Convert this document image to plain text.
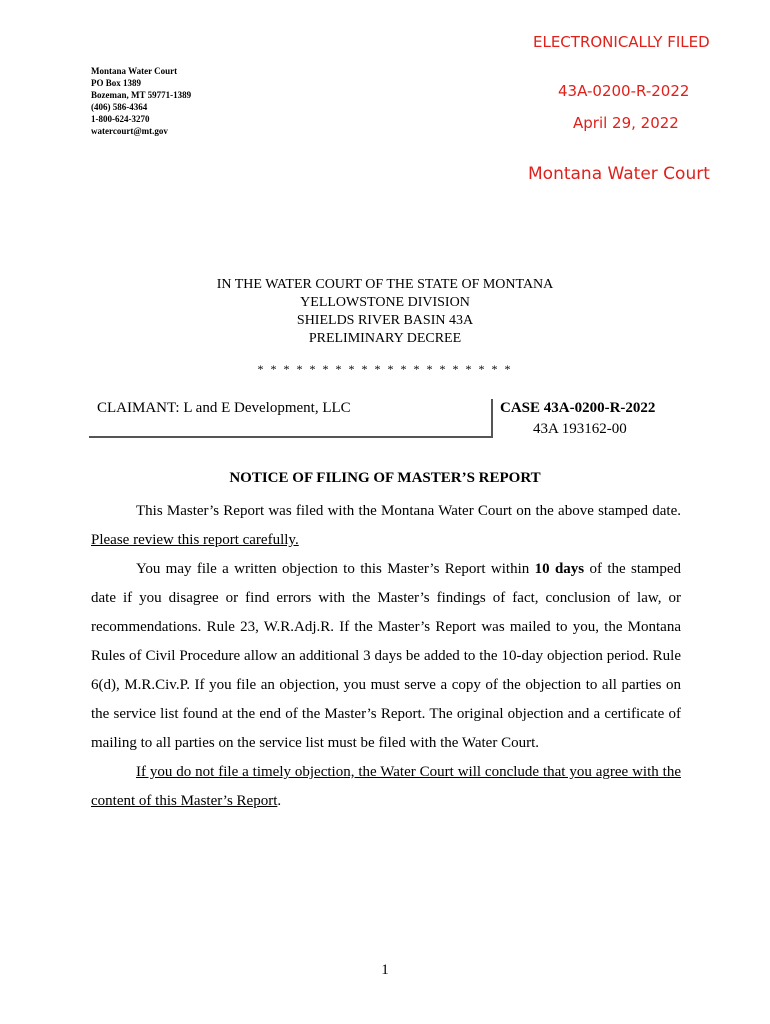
Montana Water Court
PO Box 1389
Bozeman, MT 59771-1389
(406) 586-4364
1-800-624-3270
watercourt@mt.gov
ELECTRONICALLY FILED
43A-0200-R-2022
April 29, 2022
Montana Water Court
IN THE WATER COURT OF THE STATE OF MONTANA
YELLOWSTONE DIVISION
SHIELDS RIVER BASIN 43A
PRELIMINARY DECREE
* * * * * * * * * * * * * * * * * * * *
CLAIMANT: L and E Development, LLC	CASE 43A-0200-R-2022
43A 193162-00
NOTICE OF FILING OF MASTER’S REPORT

This Master’s Report was filed with the Montana Water Court on the above stamped date. Please review this report carefully.

You may file a written objection to this Master’s Report within 10 days of the stamped date if you disagree or find errors with the Master’s findings of fact, conclusion of law, or recommendations. Rule 23, W.R.Adj.R. If the Master’s Report was mailed to you, the Montana Rules of Civil Procedure allow an additional 3 days be added to the 10-day objection period. Rule 6(d), M.R.Civ.P. If you file an objection, you must serve a copy of the objection to all parties on the service list found at the end of the Master’s Report. The original objection and a certificate of mailing to all parties on the service list must be filed with the Water Court.

If you do not file a timely objection, the Water Court will conclude that you agree with the content of this Master’s Report.

1
